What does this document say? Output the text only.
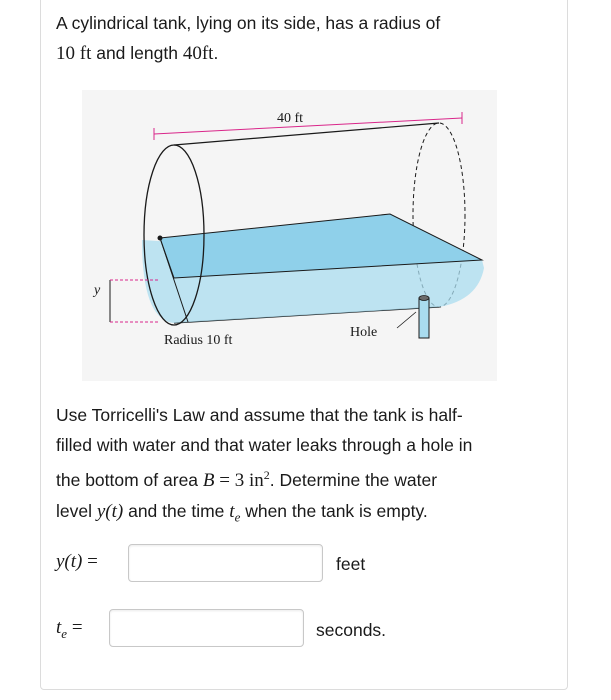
A cylindrical tank, lying on its side, has a radius of
10 ft and length 40ft.
40 ft
y
Radius 10 ft
Hole
Use Torricelli's Law and assume that the tank is half-
filled with water and that water leaks through a hole in
the bottom of area B = 3 $in^2$. Determine the water
level y(t) and the time $t_e$ when the tank is empty.
y(t) =	feet
$t_e$ =	seconds.
